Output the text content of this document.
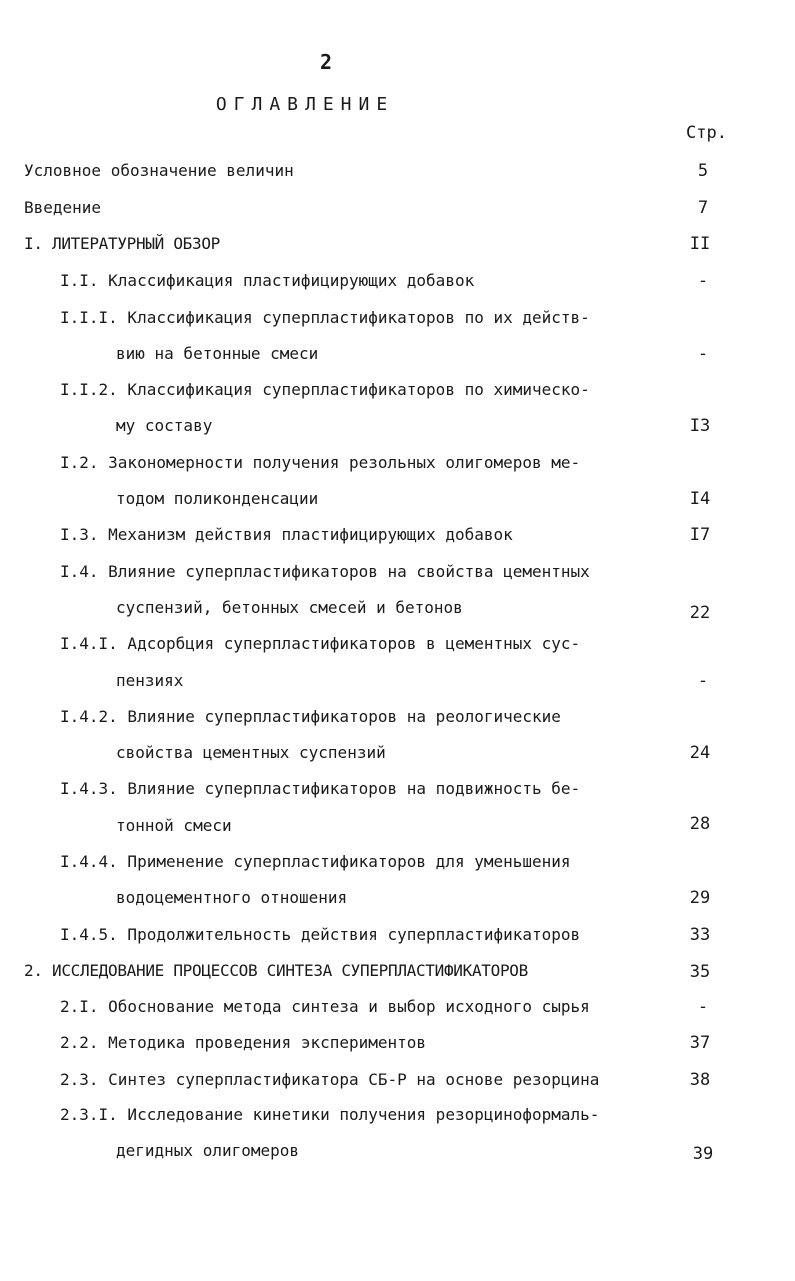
2
ОГЛАВЛЕНИЕ
Стр.
Условное обозначение величин	5
Введение	7
I. ЛИТЕРАТУРНЫЙ ОБЗОР	II
I.I. Классификация пластифицирующих добавок	-
I.I.I. Классификация суперпластификаторов по их действ-
вию на бетонные смеси	-
I.I.2. Классификация суперпластификаторов по химическо-
му составу	I3
I.2. Закономерности получения резольных олигомеров ме-
тодом поликонденсации	I4
I.3. Механизм действия пластифицирующих добавок	I7
I.4. Влияние суперпластификаторов на свойства цементных
суспензий, бетонных смесей и бетонов	22
I.4.I. Адсорбция суперпластификаторов в цементных сус-
пензиях	-
I.4.2. Влияние суперпластификаторов на реологические
свойства цементных суспензий	24
I.4.3. Влияние суперпластификаторов на подвижность бе-
тонной смеси	28
I.4.4. Применение суперпластификаторов для уменьшения
водоцементного отношения	29
I.4.5. Продолжительность действия суперпластификаторов	33
2. ИССЛЕДОВАНИЕ ПРОЦЕССОВ СИНТЕЗА СУПЕРПЛАСТИФИКАТОРОВ	35
2.I. Обоснование метода синтеза и выбор исходного сырья	-
2.2. Методика проведения экспериментов	37
2.3. Синтез суперпластификатора СБ-Р на основе резорцина	38
2.3.I. Исследование кинетики получения резорциноформаль-
дегидных олигомеров	39
